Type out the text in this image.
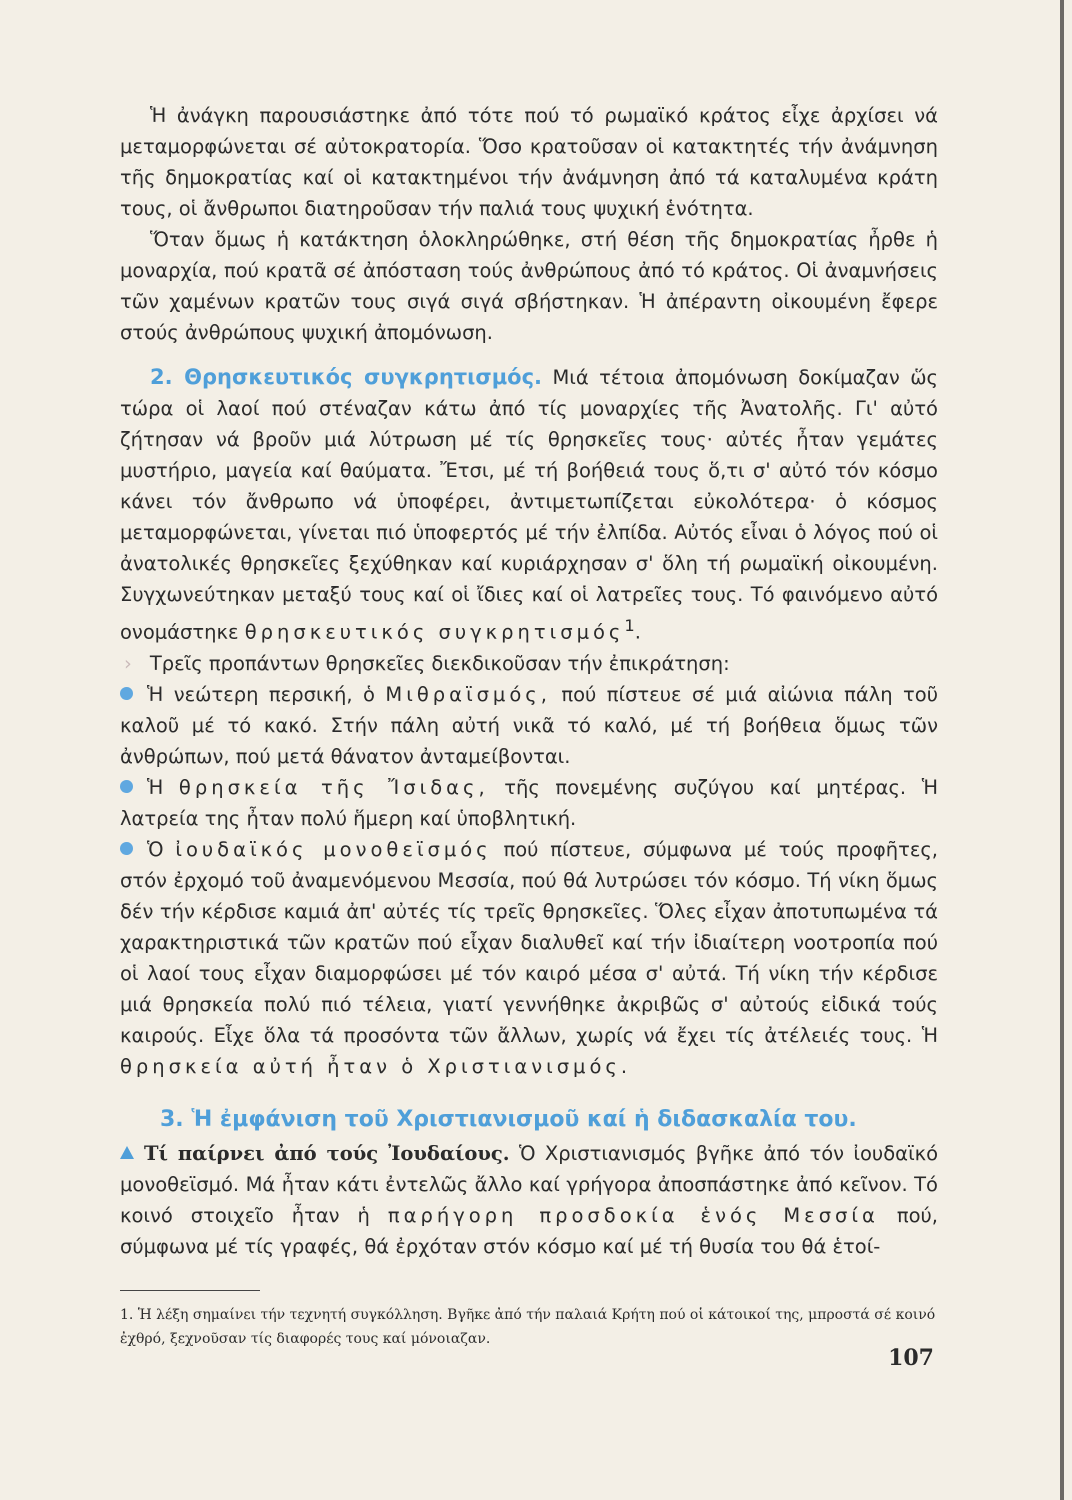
Ἡ ἀνάγκη παρουσιάστηκε ἀπό τότε πού τό ρωμαϊκό κράτος εἶχε ἀρχίσει νά μεταμορφώνεται σέ αὐτοκρατορία. Ὅσο κρατοῦσαν οἱ κατακτητές τήν ἀνάμνηση τῆς δημοκρατίας καί οἱ κατακτημένοι τήν ἀνάμνηση ἀπό τά καταλυμένα κράτη τους, οἱ ἄνθρωποι διατηροῦσαν τήν παλιά τους ψυχική ἑνότητα.

Ὅταν ὅμως ἡ κατάκτηση ὁλοκληρώθηκε, στή θέση τῆς δημοκρατίας ἦρθε ἡ μοναρχία, πού κρατᾶ σέ ἀπόσταση τούς ἀνθρώπους ἀπό τό κράτος. Οἱ ἀναμνήσεις τῶν χαμένων κρατῶν τους σιγά σιγά σβήστηκαν. Ἡ ἀπέραντη οἰκουμένη ἔφερε στούς ἀνθρώπους ψυχική ἀπομόνωση.

2. Θρησκευτικός συγκρητισμός. Μιά τέτοια ἀπομόνωση δοκίμαζαν ὥς τώρα οἱ λαοί πού στέναζαν κάτω ἀπό τίς μοναρχίες τῆς Ἀνατολῆς. Γι' αὐτό ζήτησαν νά βροῦν μιά λύτρωση μέ τίς θρησκεῖες τους· αὐτές ἦταν γεμάτες μυστήριο, μαγεία καί θαύματα. Ἔτσι, μέ τή βοήθειά τους ὅ,τι σ' αὐτό τόν κόσμο κάνει τόν ἄνθρωπο νά ὑποφέρει, ἀντιμετωπίζεται εὐκολότερα· ὁ κόσμος μεταμορφώνεται, γίνεται πιό ὑποφερτός μέ τήν ἐλπίδα. Αὐτός εἶναι ὁ λόγος πού οἱ ἀνατολικές θρησκεῖες ξεχύθηκαν καί κυριάρχησαν σ' ὅλη τή ρωμαϊκή οἰκουμένη. Συγχωνεύτηκαν μεταξύ τους καί οἱ ἴδιες καί οἱ λατρεῖες τους. Τό φαινόμενο αὐτό ονομάστηκε θρησκευτικός συγκρητισμός$^1$.

› Τρεῖς προπάντων θρησκεῖες διεκδικοῦσαν τήν ἐπικράτηση:

Ἡ νεώτερη περσική, ὁ Μιθραϊσμός, πού πίστευε σέ μιά αἰώνια πάλη τοῦ καλοῦ μέ τό κακό. Στήν πάλη αὐτή νικᾶ τό καλό, μέ τή βοήθεια ὅμως τῶν ἀνθρώπων, πού μετά θάνατον ἀνταμείβονται.

Ἡ θρησκεία τῆς Ἴσιδας, τῆς πονεμένης συζύγου καί μητέρας. Ἡ λατρεία της ἦταν πολύ ἥμερη καί ὑποβλητική.

Ὁ ἰουδαϊκός μονοθεϊσμός πού πίστευε, σύμφωνα μέ τούς προφῆτες, στόν ἐρχομό τοῦ ἀναμενόμενου Μεσσία, πού θά λυτρώσει τόν κόσμο. Τή νίκη ὅμως δέν τήν κέρδισε καμιά ἀπ' αὐτές τίς τρεῖς θρησκεῖες. Ὅλες εἶχαν ἀποτυπωμένα τά χαρακτηριστικά τῶν κρατῶν πού εἶχαν διαλυθεῖ καί τήν ἰδιαίτερη νοοτροπία πού οἱ λαοί τους εἶχαν διαμορφώσει μέ τόν καιρό μέσα σ' αὐτά. Τή νίκη τήν κέρδισε μιά θρησκεία πολύ πιό τέλεια, γιατί γεννήθηκε ἀκριβῶς σ' αὐτούς εἰδικά τούς καιρούς. Εἶχε ὅλα τά προσόντα τῶν ἄλλων, χωρίς νά ἔχει τίς ἀτέλειές τους. Ἡ θρησκεία αὐτή ἦταν ὁ Χριστιανισμός.

3. Ἡ ἐμφάνιση τοῦ Χριστιανισμοῦ καί ἡ διδασκαλία του.

Τί παίρνει ἀπό τούς Ἰουδαίους. Ὁ Χριστιανισμός βγῆκε ἀπό τόν ἰουδαϊκό μονοθεϊσμό. Μά ἦταν κάτι ἐντελῶς ἄλλο καί γρήγορα ἀποσπάστηκε ἀπό κεῖνον. Τό κοινό στοιχεῖο ἦταν ἡ παρήγορη προσδοκία ἑνός Μεσσία πού, σύμφωνα μέ τίς γραφές, θά ἐρχόταν στόν κόσμο καί μέ τή θυσία του θά ἑτοί-

1. Ἡ λέξη σημαίνει τήν τεχνητή συγκόλληση. Βγῆκε ἀπό τήν παλαιά Κρήτη πού οἱ κάτοικοί της, μπροστά σέ κοινό ἐχθρό, ξεχνοῦσαν τίς διαφορές τους καί μόνοιαζαν.

107
